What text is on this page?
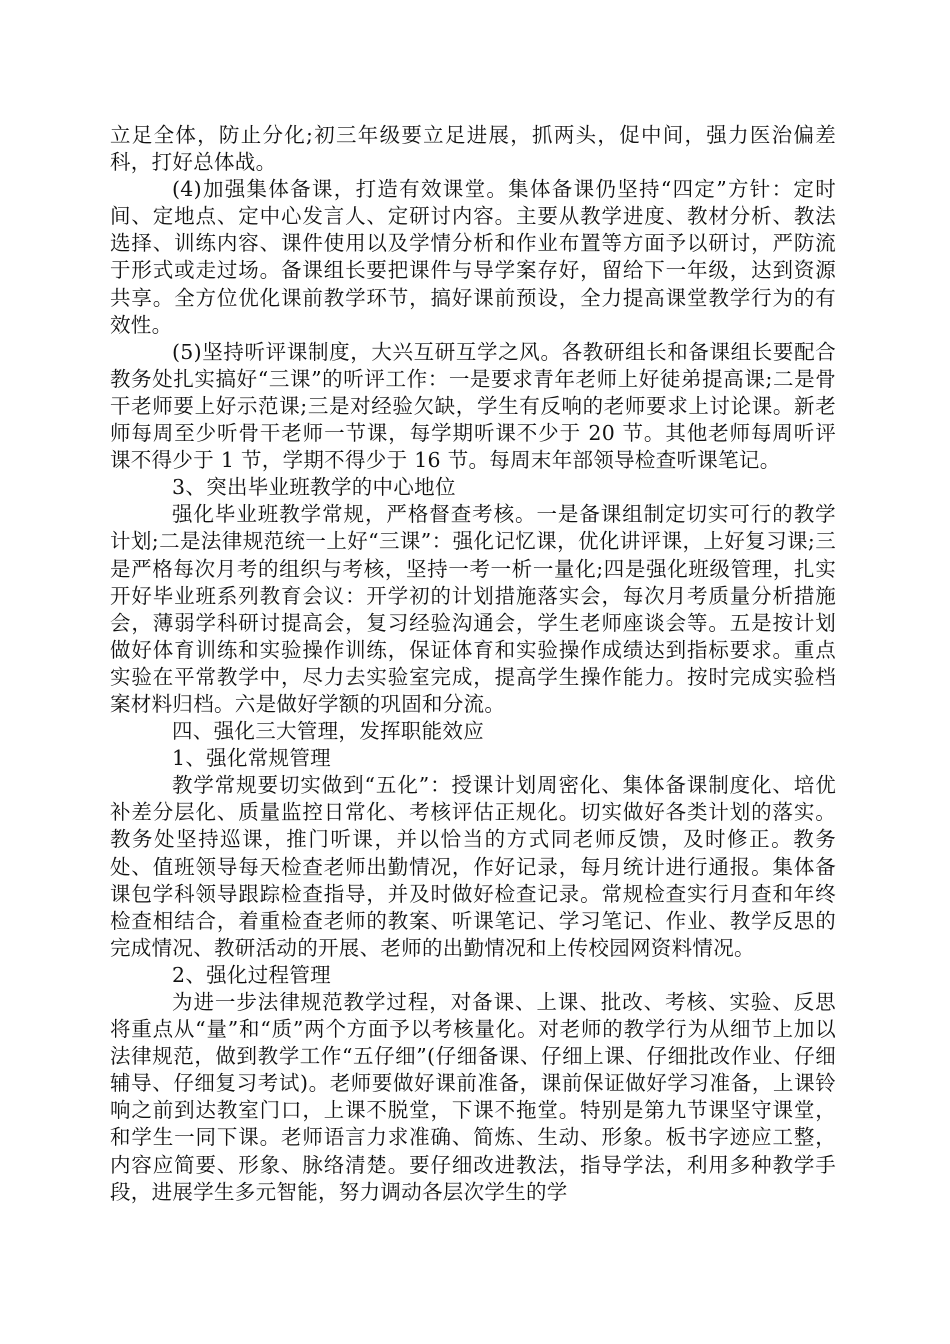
立足全体，防止分化;初三年级要立足进展，抓两头，促中间，强力医治偏差科，打好总体战。

(4)加强集体备课，打造有效课堂。集体备课仍坚持“四定”方针：定时间、定地点、定中心发言人、定研讨内容。主要从教学进度、教材分析、教法选择、训练内容、课件使用以及学情分析和作业布置等方面予以研讨，严防流于形式或走过场。备课组长要把课件与导学案存好，留给下一年级，达到资源共享。全方位优化课前教学环节，搞好课前预设，全力提高课堂教学行为的有效性。

(5)坚持听评课制度，大兴互研互学之风。各教研组长和备课组长要配合教务处扎实搞好“三课”的听评工作：一是要求青年老师上好徒弟提高课;二是骨干老师要上好示范课;三是对经验欠缺，学生有反响的老师要求上讨论课。新老师每周至少听骨干老师一节课，每学期听课不少于 20 节。其他老师每周听评课不得少于 1 节，学期不得少于 16 节。每周末年部领导检查听课笔记。

3、突出毕业班教学的中心地位

强化毕业班教学常规，严格督查考核。一是备课组制定切实可行的教学计划;二是法律规范统一上好“三课”：强化记忆课，优化讲评课，上好复习课;三是严格每次月考的组织与考核，坚持一考一析一量化;四是强化班级管理，扎实开好毕业班系列教育会议：开学初的计划措施落实会，每次月考质量分析措施会，薄弱学科研讨提高会，复习经验沟通会，学生老师座谈会等。五是按计划做好体育训练和实验操作训练，保证体育和实验操作成绩达到指标要求。重点实验在平常教学中，尽力去实验室完成，提高学生操作能力。按时完成实验档案材料归档。六是做好学额的巩固和分流。

四、强化三大管理，发挥职能效应

1、强化常规管理

教学常规要切实做到“五化”：授课计划周密化、集体备课制度化、培优补差分层化、质量监控日常化、考核评估正规化。切实做好各类计划的落实。教务处坚持巡课，推门听课，并以恰当的方式同老师反馈，及时修正。教务处、值班领导每天检查老师出勤情况，作好记录，每月统计进行通报。集体备课包学科领导跟踪检查指导，并及时做好检查记录。常规检查实行月查和年终检查相结合，着重检查老师的教案、听课笔记、学习笔记、作业、教学反思的完成情况、教研活动的开展、老师的出勤情况和上传校园网资料情况。

2、强化过程管理

为进一步法律规范教学过程，对备课、上课、批改、考核、实验、反思将重点从“量”和“质”两个方面予以考核量化。对老师的教学行为从细节上加以法律规范，做到教学工作“五仔细”(仔细备课、仔细上课、仔细批改作业、仔细辅导、仔细复习考试)。老师要做好课前准备，课前保证做好学习准备，上课铃响之前到达教室门口，上课不脱堂，下课不拖堂。特别是第九节课坚守课堂，和学生一同下课。老师语言力求准确、简炼、生动、形象。板书字迹应工整，内容应简要、形象、脉络清楚。要仔细改进教法，指导学法，利用多种教学手段，进展学生多元智能，努力调动各层次学生的学
